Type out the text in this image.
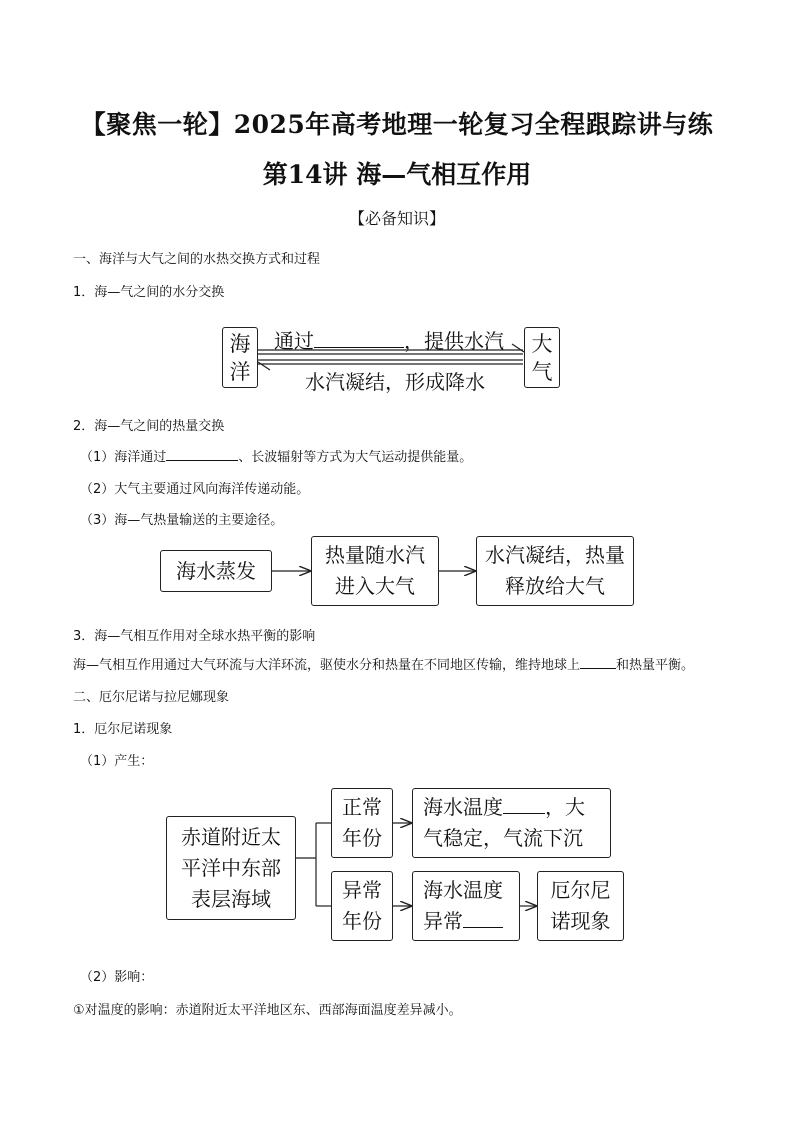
【聚焦一轮】2025年高考地理一轮复习全程跟踪讲与练
第14讲 海—气相互作用
【必备知识】
一、海洋与大气之间的水热交换方式和过程
1．海—气之间的水分交换
海洋
大气
通过	，提供水汽
水汽凝结，形成降水
2．海—气之间的热量交换
（1）海洋通过	、长波辐射等方式为大气运动提供能量。
（2）大气主要通过风向海洋传递动能。
（3）海—气热量输送的主要途径。
海水蒸发
热量随水汽进入大气
水汽凝结，热量释放给大气
3．海—气相互作用对全球水热平衡的影响
海—气相互作用通过大气环流与大洋环流，驱使水分和热量在不同地区传输，维持地球上	和热量平衡。
二、厄尔尼诺与拉尼娜现象
1．厄尔尼诺现象
（1）产生：
赤道附近太平洋中东部表层海域
正常年份
海水温度 ，大气稳定，气流下沉
异常年份
海水温度异常
厄尔尼诺现象
（2）影响：
①对温度的影响：赤道附近太平洋地区东、西部海面温度差异减小。
